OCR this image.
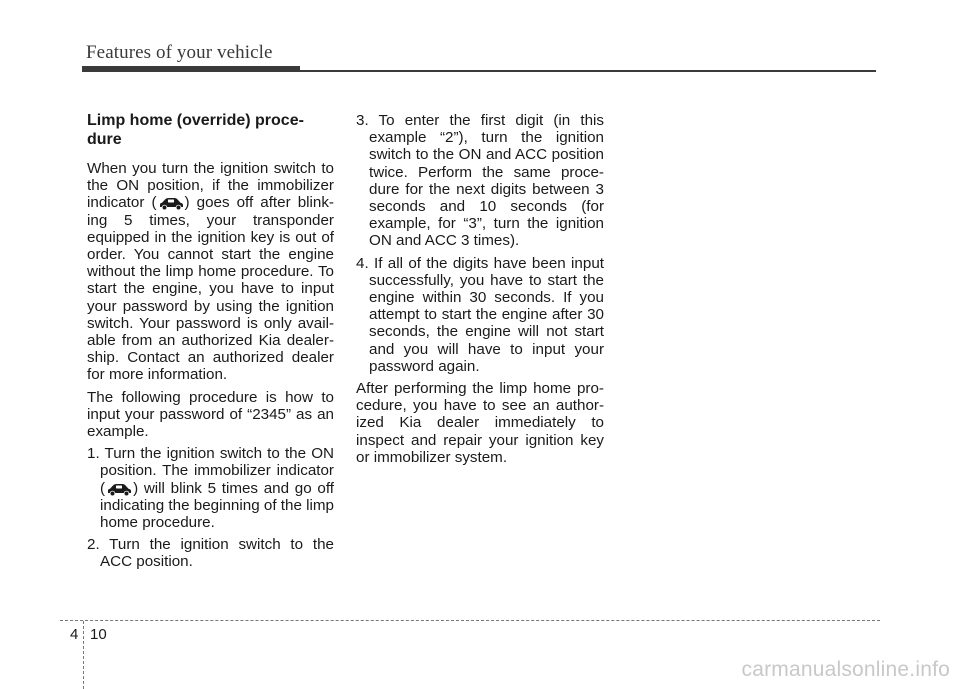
Features of your vehicle
Limp home (override) proce-
dure

When you turn the ignition switch to the ON position, if the immobilizer indicator ( ) goes off after blink-ing 5 times, your transponder equipped in the ignition key is out of order. You cannot start the engine without the limp home procedure. To start the engine, you have to input your password by using the ignition switch. Your password is only avail-able from an authorized Kia dealer-ship. Contact an authorized dealer for more information.

The following procedure is how to input your password of “2345” as an example.

1. Turn the ignition switch to the ON position. The immobilizer indicator ( ) will blink 5 times and go off indicating the beginning of the limp home procedure.

2. Turn the ignition switch to the ACC position.

3. To enter the first digit (in this example “2”), turn the ignition switch to the ON and ACC position twice. Perform the same proce-dure for the next digits between 3 seconds and 10 seconds (for example, for “3”, turn the ignition ON and ACC 3 times).

4. If all of the digits have been input successfully, you have to start the engine within 30 seconds. If you attempt to start the engine after 30 seconds, the engine will not start and you will have to input your password again.

After performing the limp home pro-cedure, you have to see an author-ized Kia dealer immediately to inspect and repair your ignition key or immobilizer system.

4 10
carmanualsonline.info
